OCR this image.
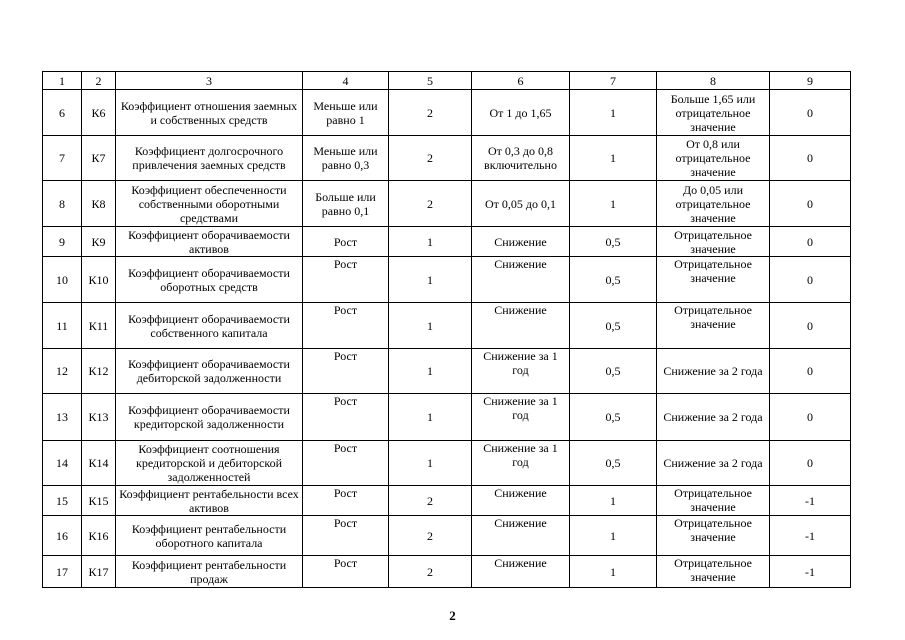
1	2	3	4	5	6	7	8	9
6	К6	Коэффициент отношения заемных и собственных средств	Меньше или равно 1	2	От 1 до 1,65	1	Больше 1,65 или отрицательное значение	0
7	К7	Коэффициент долгосрочного привлечения заемных средств	Меньше или равно 0,3	2	От 0,3 до 0,8 включительно	1	От 0,8 или отрицательное значение	0
8	К8	Коэффициент обеспеченности собственными оборотными средствами	Больше или равно 0,1	2	От 0,05 до 0,1	1	До 0,05 или отрицательное значение	0
9	К9	Коэффициент оборачиваемости активов	Рост	1	Снижение	0,5	Отрицательное значение	0
10	К10	Коэффициент оборачиваемости оборотных средств	Рост	1	Снижение	0,5	Отрицательное значение	0
11	К11	Коэффициент оборачиваемости собственного капитала	Рост	1	Снижение	0,5	Отрицательное значение	0
12	К12	Коэффициент оборачиваемости дебиторской задолженности	Рост	1	Снижение за 1 год	0,5	Снижение за 2 года	0
13	К13	Коэффициент оборачиваемости кредиторской задолженности	Рост	1	Снижение за 1 год	0,5	Снижение за 2 года	0
14	К14	Коэффициент соотношения кредиторской и дебиторской задолженностей	Рост	1	Снижение за 1 год	0,5	Снижение за 2 года	0
15	К15	Коэффициент рентабельности всех активов	Рост	2	Снижение	1	Отрицательное значение	-1
16	К16	Коэффициент рентабельности оборотного капитала	Рост	2	Снижение	1	Отрицательное значение	-1
17	К17	Коэффициент рентабельности продаж	Рост	2	Снижение	1	Отрицательное значение	-1
2
